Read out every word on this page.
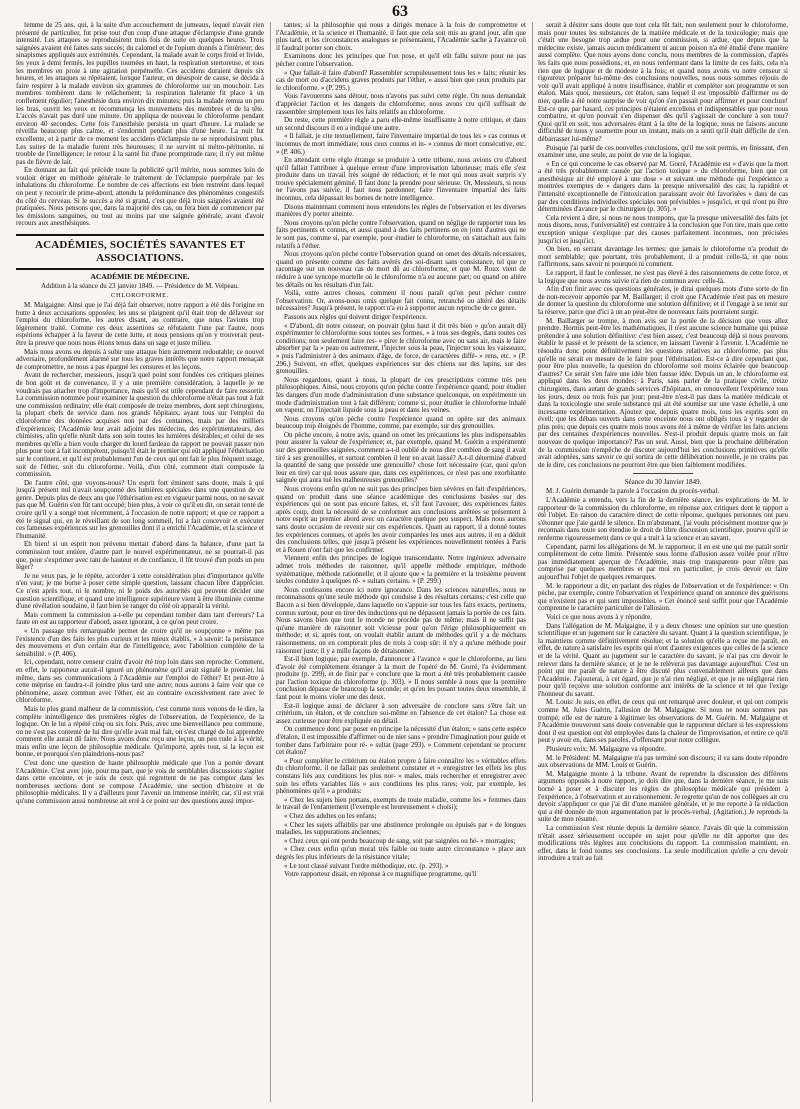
63

femme de 25 ans, qui, à la suite d'un accouchement de jumeaux, lequel n'avait rien présenté de particulier, fut prise tout d'un coup d'une attaque d'éclampsie d'une grande intensité. Les attaques se reproduisirent trois fois de suite en quelques heures. Trois saignées avaient été faites sans succès; du calomel et de l'opium donnés à l'intérieur; des sinapismes appliqués aux extrémités. Cependant, la malade avait le corps froid et livide, les yeux à demi fermés, les pupilles tournées en haut, la respiration stertoreuse, et tous les membres en proie à une agitation perpétuelle. Ces accidens duraient depuis six heures, et les attaques se répétaient, lorsque l'auteur, en désespoir de cause, se décida à faire respirer à la malade environ six grammes de chloroforme sur un mouchoir. Les membres tombèrent dans le relâchement; la respiration haletante fit place à un ronflement régulier; l'anesthésie dura environ dix minutes; puis la malade remua un peu les bras, ouvrit les yeux et recommença les mouvemens des membres et de la tête. L'accès n'avait pas duré une minute. On appliqua de nouveau le chloroforme pendant environ 40 secondes. Cette fois l'anesthésie persista un quart d'heure. La malade se réveilla beaucoup plus calme, et s'endormit pendant plus d'une heure. La nuit fut excellente, et à partir de ce moment les accidens d'éclampsie ne se reproduisirent plus. Les suites de la maladie furent très heureuses; il ne survint ni métro-péritonite, ni trouble de l'intelligence; le retour à la santé fut d'une promptitude rare; il n'y eut même pas de fièvre de lait.

En donnant au fait qui précède toute la publicité qu'il mérite, nous sommes loin de vouloir ériger en méthode générale le traitement de l'éclampsie puerpérale par les inhalations du chloroforme. Le nombre de ces affections est bien restreint dans lequel on peut y recourir de prime-abord, attendu la prédominance des phénomènes congestifs du côté du cerveau. Si le succès a été si grand, c'est que déjà trois saignées avaient été pratiquées. Nous pensons que, dans la majorité des cas, on fera bien de commencer par les émissions sanguines, ou tout au moins par une saignée générale, avant d'avoir recours aux anesthésiques.

ACADÉMIES, SOCIÉTÉS SAVANTES ET ASSOCIATIONS.
ACADÉMIE DE MÉDECINE.
Addition à la séance du 23 janvier 1849. — Présidence de M. Velpeau.
CHLOROFORME.

M. Malgaigne: Ainsi que je l'ai déjà fait observer, notre rapport a été dès l'origine en butte à deux accusations opposées; les uns se plaignent qu'il était trop de défaveur sur l'emploi du chloroforme, les autres disant, au contraire, que nous l'avions trop légèrement traité. Comme ces deux assertions se réfutaient l'une par l'autre, nous espérions échapper à la faveur de cette lutte, et nous pensions qu'on y trouverait peut-être la preuve que nous nous étions tenus dans un sage et juste milieu.

Mais nous avons eu depuis à subir une attaque bien autrement redoutable; ce nouvel adversaire, profondément alarmé sur tous les graves intérêts que notre rapport menaçait de compromettre, ne nous a pas épargné les censures et les leçons.

Avant de rechercher, messieurs, jusqu'à quel point sont fondées ces critiques pleines de bon goût et de convenance, il y a une première considération, à laquelle je ne voudrais pas attacher trop d'importance, mais qu'il est utile cependant de faire ressortir. La commission nommée pour examiner la question du chloroforme n'était pas tout à fait une commission ordinaire; elle était composée de treize membres, dont sept chirurgiens, la plupart chefs de service dans nos grands hôpitaux, ayant tous sur l'emploi du chloroforme des données acquises non par des centaines, mais par des milliers d'expériences; l'Académie leur avait adjoint des médecins, des expérimentateurs, des chimistes, afin qu'elle réunît dans son sein toutes les lumières désirables; et celui de ses membres qu'elle a bien voulu charger du lourd fardeau du rapport ne pouvait passer non plus pour tout à fait incompétent, puisqu'il était le premier qui eût appliqué l'éthérisation sur le continent, et qu'il est probablement l'un de ceux qui ont fait le plus fréquent usage, soit de l'éther, soit du chloroforme. Voilà, d'un côté, comment était composée la commission.

De l'autre côté, que voyons-nous? Un esprit fort éminent sans doute, mais à qui jusqu'à présent nul n'avait soupçonné des lumières spéciales dans une question de ce genre. Depuis plus de deux ans que l'éthérisation est en vigueur parmi nous, on ne savait pas que M. Guérin s'en fût tant occupé; bien plus, à voir ce qu'il en dit, on serait tenté de croire qu'il y a songé tout récemment, à l'occasion de notre rapport; et que ce rapport a été le signal qui, en le réveillant de son long sommeil, lui a fait concevoir et exécuter ces fameuses expériences sur les grenouilles dont il a enrichi l'Académie, et la science et l'humanité.

Eh bien! si un esprit non prévenu mettait d'abord dans la balance, d'une part la commission tout entière, d'autre part le nouvel expérimentateur, ne se pourrait-il pas que, pour s'exprimer avec tant de hauteur et de confiance, il fût trouvé d'un poids un peu léger?

Je ne veux pas, je le répète, accorder à cette considération plus d'importance qu'elle n'en vaut; je me borne à poser cette simple question, laissant chacun libre d'apprécier. Ce n'est après tout, ni le nombre, ni le poids des autorités qui peuvent décider une question scientifique, et quand une intelligence supérieure vient à être illuminée comme d'une révélation soudaine, il faut bien se ranger du côté où apparaît la vérité.

Mais comment la commission a-t-elle pu cependant tomber dans tant d'erreurs? La faute en est au rapporteur d'abord, assez ignorant, à ce qu'on peut croire.

« Un passage très remarquable permet de croire qu'il ne soupçonne » même pas l'existence d'un des faits les plus curieux et les mieux établis, » à savoir: la persistance des mouvemens et d'un certain état de l'intelligence, avec l'abolition complète de la sensibilité. » (P. 406).

Ici, cependant, notre censeur craint d'avoir été trop loin dans son reproche: Comment, en effet, le rapporteur aurait-il ignoré un phénomène qu'il avait signalé le premier, lui même, dans ses communications à l'Académie sur l'emploi de l'éther? Et peut-être à cette méprise en faudra-t-il joindre plus tard une autre; nous aurons à faire voir que ce phénomène, assez commun avec l'éther, est au contraire excessivement rare avec le chloroforme.

Mais le plus grand malheur de la commission, c'est comme nous venons de le dire, la complète inintelligence des premières règles de l'observation, de l'expérience, de la logique. On le lui a répété cinq ou six fois. Puis, avec une bienveillance peu commune, on ne s'est pas contenté de lui dire qu'elle avait mal fait, on s'est chargé de lui apprendre comment elle aurait dû faire. Nous avons donc reçu une leçon, un peu rude à la vérité, mais enfin une leçon de philosophie médicale. Qu'importe, après tout, si la leçon est bonne, et pourquoi s'en plaindrions-nous pas?

C'est donc une question de haute philosophie médicale que l'on a portée devant l'Académie. C'est avec joie, pour ma part, que je vois de semblables discussions s'agiter dans cette enceinte, et je suis de ceux qui regrettent de ne pas compter dans les nombreuses sections dont se compose l'Académie, une section d'histoire et de philosophie médicales. Il y a d'ailleurs pour l'avenir un immense intérêt; car, s'il est vrai qu'une commission aussi nombreuse ait erré à ce point sur des questions aussi impor-

tantes; si la philosophie qui nous a dirigés menace à la fois de compromettre et l'Académie, et la science et l'humanité, il faut que cela soit mis au grand jour, afin que plus tard, et les circonstances analogues se présentaient, l'Académie sache à l'avance où il faudrait porter son choix.

Examinons donc les principes que l'on pose, et qu'il eût fallu suivre pour ne pas pécher contre l'observation.

« Que fallait-il faire d'abord? Rassembler scrupuleusement tous les » faits; réunir les cas de mort ou d'accidens graves produits par l'éther, » aussi bien que ceux produits par le chloroforme. » (P. 295.)

Vous l'avouerons sans détour, nous n'avons pas suivi cette règle. On nous demandait d'apprécier l'action et les dangers du chloroforme; nous avons cru qu'il suffisait de rassembler simplement tous les faits relatifs au chloroforme.

Du reste, cette première règle a paru elle-même insuffisante à notre critique, et dans un second discours il en a indiqué une autre.

« Il fallait, je cite textuellement, faire l'inventaire impartial de tous les » cas connus et inconnus de mort immédiate; tous ceux connus et in- » connus de mort consécutive, etc. » (P. 406.)

En attendant cette règle étrange se produire à cette tribune, nous avions cru d'abord qu'il fallait l'attribuer à quelque erreur d'une improvisation laborieuse; mais elle s'est produite dans un travail très soigné de rédaction; et le mot qui nous avait surpris s'y trouve spécialement géminé. Il faut donc la prendre pour sérieuse. Or, Messieurs, si nous ne l'avons pas suivie, il faut nous pardonner; faire l'inventaire impartial des faits inconnus, cela dépassait les bornes de notre intelligence.

Disons maintenant comment nous entendons les règles de l'observation et les diverses manières d'y porter atteinte.

Nous croyons qu'on pèche contre l'observation, quand on néglige de rapporter tous les faits pertinents et connus, et aussi quand à des faits pertinens on en joint d'autres qui ne le sont pas, comme si, par exemple, pour étudier le chloroforme, on s'attachait aux faits relatifs à l'éther.

Nous croyons qu'on pèche contre l'observation quand on omet des détails nécessaires, quand on présente comme des faits avérés des soi-disant sans consistance, tel que ce racontage sur un nouveau cas de mort dû au chloroforme, et que M. Roux vient de réduire à une syncope mortelle où le chloroforme n'a eu aucune part; ou quand on altère les détails ou les résultats d'un fait.

Voilà, entre autres choses, comment il nous paraît qu'on peut pécher contre l'observation. Or, avons-nous omis quelque fait connu, retranché ou altéré des détails nécessaires? Jusqu'à présent, le rapport n'a eu à supporter aucun reproche de ce genre.

Passons aux règles qui doivent diriger l'expérience.

« D'abord, dit notre censeur, on pouvait (plus haut il dit très bien » qu'on aurait dû) expérimenter le chloroforme sous toutes ses formes, » à tous ses degrés, dans toutes ces conditions; non seulement faire res- » pirer le chloroforme avec ou sans air, mais le faire absorber par la » peau ou autrement, l'injecter sous la peau, l'injecter sous les vaisseaux, » puis l'administrer à des animaux d'âge, de force, de caractères diffé- » rens, etc. » (P. 296.) Suivent, en effet, quelques expériences sur des chiens sur des lapins, sur des grenouilles.

Nous regardons, quant à nous, la plupart de ces prescriptions comme très peu philosophiques. Ainsi, nous croyons qu'on pèche contre l'expérience quand, pour étudier les dangers d'un mode d'administration d'une substance quelconque, on expérimente un mode d'administration tout à fait différent; comme si, pour étudier le chloroforme inhalé en vapeur, on l'injectait liquide sous la peau et dans les veines.

Nous croyons qu'on pèche contre l'expérience quand on opère sur des animaux beaucoup trop éloignés de l'homme, comme, par exemple, sur des grenouilles.

On pèche encore, à notre avis, quand on omet les précautions les plus indispensables pour assurer la valeur de l'expérience; et, par exemple, quand M. Guérin a expérimenté sur des grenouilles saignées, comment a-t-il oublié de nous dire combien de sang il avait tiré à ses grenouilles, et surtout combien il leur en avait laissé? A-t-il déterminé d'abord la quantité de sang que possède une grenouille? chose fort nécessaire (car, quoi qu'on leur en tire) car qui nous assure que, dans ces expériences, ce n'est pas une exorbitante saignée qui aura tué les malheureuses grenouilles?

Nous croyons enfin qu'on ne suit pas des principes bien sévères en fait d'expériences, quand on produit dans une séance académique des conclusions basées sur des expériences qui ne sont pas encore faites, et, s'il faut l'avouer, des expériences faites après coup, dont la nécessité de se conformer aux conclusions arrêtées se présentent à notre esprit au premier abord avec un caractère quelque peu suspect. Mais nous aurons sans doute occasion de revenir sur ces expériences. Quant au rapport, il a donné toutes les expériences connues, et après les avoir comparées les unes aux autres, il en a déduit des conclusions telles, que jusqu'à présent les expériences nouvellement tentées à Paris et à Rouen n'ont fait que les confirmer.

Viennent enfin des principes de logique transcendante. Notre ingénieux adversaire admet trois méthodes de raisonner, qu'il appelle méthode empirique, méthode systématique, méthode rationnelle; et il ajoute que « la première et la troisième peuvent seules conduire à quelques ré- » sultats certains. » (P. 299.)

Nous confessons encore ici notre ignorance. Dans les sciences naturelles, nous ne reconnaissons qu'une seule méthode qui conduise à des résultats certains; c'est celle que Bacon a si bien développée, dans laquelle on s'appuie sur tous les faits exacts, pertinens, connus surtout, pour en tirer des inductions qui ne dépassent jamais la portée de ces faits. Nous savons bien que tout le monde ne procède pas de même; mais il ne suffit pas qu'une manière de raisonner soit vicieuse pour qu'on l'érige philosophiquement en méthode; et si, après tout, on voulait établir autant de méthodes qu'il y a de méchans raisonnemens, on en compterait plus de trois à coup sûr: il n'y a qu'une méthode pour raisonner juste; il y a mille façons de déraisonner.

Est-il bien logique, par exemple, d'annoncer à l'avance « que le chloroforme, au lieu d'avoir été complètement étranger à la mort de l'opéré de M. Gorré, l'a évidemment produite (p. 299), et de finir par » conclure que la mort a été très probablement causée par l'action toxique du chloroforme (p. 303). » Il nous semble à nous que la première conclusion dépasse de beaucoup la seconde; et qu'en les posant toutes deux ensemble, il faut pour le moins violer une des deux.

Est-il logique aussi de déclarer à son adversaire de conclure sans s'être fait un critérium, un étalon, et de conclure soi-même en l'absence de cet étalon? La chose est assez curieuse pour être expliquée en détail.

On commence donc par poser en principe la nécessité d'un étalon; » sans cette espèce d'étalon, il est impossible d'affirmer ou de nier sans » prendre l'imagination pour guide et tomber dans l'arbitraire pour ré- » sultat (page 293). » Comment cependant se procurer cet étalon?

« Pour compléter le critérium ou étalon propre à faire connaître les » véritables effets du chloroforme, il ne fallait pas seulement constater et » enregistrer les effets les plus constans liés aux conditions les plus nor- » males, mais rechercher et enregistrer avec soin les effets variables liés » aux conditions les plus rares; voir, par exemple, les phénomènes qu'il » a produits:

« Chez les sujets bien portans, exempts de toute maladie, comme les » femmes dans le travail de l'enfantement (l'exemple est heureusement » choisi);

« Chez des adultes ou les enfans;

« Chez les sujets affaiblis par une abstinence prolongée ou épuisés par » de longues maladies, les suppurations anciennes;

« Chez ceux qui ont perdu beaucoup de sang, soit par saignées ou hé- » morragies;

« Chez ceux enfin qu'un moral très faible ou toute autre circonstance » place aux degrés les plus inférieurs de la résistance vitale;

« Le tout classé suivant l'ordre méthodique, etc. (p. 293). »

Votre rapporteur disait, en réponse à ce magnifique programme, qu'il

serait à désirer sans doute que tout cela fût fait, non seulement pour le chloroforme, mais pour toutes les substances de la matière médicale et de la toxicologie; mais que c'était une besogne trop ardue pour une commission, si ardue, que depuis que la médecine existe, jamais aucun médicament ni aucun poison n'a été étudié d'une manière aussi complète. Que nous ayons donc conclu, nous membres de la commission, d'après les faits que nous possédions, et, en nous renfermant dans la limite de ces faits, cela n'a rien que de logique et de modeste à la fois; et quand nous avons vu notre censeur si rigoureux préparer lui-même des conclusions nouvelles, nous nous sommes réjouis de voir qu'il avait appliqué à notre insuffisance, établir et compléter son programme et son étalon. Mais quoi, messieurs, cet étalon, sans lequel il est impossible d'affirmer ou de nier, quelle a été notre surprise de voir qu'on s'en passait pour affirmer et pour conclure! Est-ce que, par hasard, ces principes n'étaient excellens et indispensables que pour nous combattre, et qu'on pouvait s'en dispenser dès qu'il s'agissait de conclure à son tour? Quoi qu'il en soit, nos adversaires étant à la tête de la logique, nous ne faisons aucune difficulté de nous y soumettre pour un instant, mais on a senti qu'il était difficile de s'en débarrasser lui-même?

Puisque j'ai parlé de ces nouvelles conclusions, qu'il me soit permis, en finissant, d'en examiner une, une seule, au point de vue de la logique.

« En ce qui concerne le cas observé par M. Gorré, l'Académie est » d'avis que la mort a été très probablement causée par l'action toxique » du chloroforme, bien que cet anesthésique ait été employé à une dose » et suivant une méthode qui l'expérience a montrées exemptes de » dangers dans la presque universalité des cas; la rapidité et l'intensité exceptionnelle de l'intoxication paraissant avoir été favorisées » dans de cas par des conditions individuelles spéciales non prévisibles » jusqu'ici, et qui n'ont pu être déterminées d'avance par le chirurgien (p. 305). »

Cela revient à dire, si nous ne nous trompons, que la presque universalité des faits (et nous disons, nous, l'universalité) est contraire à la conclusion que l'on tire, mais que cette exception unique s'explique par des causes parfaitement inconnues, non précisées jusqu'ici et jusqu'ici.

On bien, en serrant davantage les termes: que jamais le chloroforme n'a produit de mort semblable; que pourtant, très probablement, il a produit celle-là, et que nous l'affirmons, sans savoir ni pourquoi ni comment.

Le rapport, il faut le confesser, ne s'est pas élevé à des raisonnemens de cette force, et la logique que nous avons suivie n'a rien de commun avec celle-là.

Afin d'en finir avec ces questions générales, je dirai quelques mots d'une sorte de fin de non-recevoir apportée par M. Baillarger; il croit que l'Académie n'est pas en mesure de donner la question du chloroforme une solution définitive; et il l'engage à se tenir sur la réserve, parce que d'ici à un an peut-être de nouveaux faits pourraient surgir.

M. Baillarger se trompe, à mon avis sur la portée de la décision que vous allez prendre. Hormis peut-être les mathématiques, il n'est aucune science humaine qui puisse prétendre à une solution définitive: c'est bien assez, c'est beaucoup déjà si nous pouvons établir le passé et le présent de la science, en laissant l'avenir à l'avenir. L'Académie ne résoudra donc point définitivement les questions relatives au chloroforme, pas plus qu'elle ne serait en mesure de le faire pour l'éthérisation. Est-ce à dire cependant que, pour être plus nouvelle, la question du chloroforme soit moins éclairée que beaucoup d'autres? Ce serait s'en faire une idée bien fausse idée. Depuis un an, le chloroforme est appliqué dans les deux mondes; à Paris, sans parler de la pratique civile, treize chirurgiens, dans autant de grands services d'hôpitaux, en renouvellent l'expérience tous les jours, deux ou trois fois par jour; peut-être n'est-il pas dans la matière médicale et dans la toxicologie une seule substance qui ait été soumise sur une vaste échelle, à une incessante expérimentation. Ajoutez que, depuis quatre mois, tous les esprits sont en éveil; que les débats ouverts dans cette enceinte nous ont obligés tous à y regarder de plus près; que depuis ces quatre mois nous avons été à même de vérifier les faits anciens par des centaines d'expériences nouvelles. S'est-il produit depuis quatre mois un fait nouveau de quelque importance? Pas un seul. Aussi, bien que la prochaine délibération de la commission n'empêche de discuter aujourd'hui les conclusions primitives qu'elle avait adoptées, sans savoir ce qui sortira de cette délibération nouvelle, je ne crains pas de le dire, ces conclusions ne pourront être que bien faiblement modifiées.

Séance du 30 Janvier 1849.

M. J. Guérin demande la parole à l'occasion du procès-verbal.

L'Académie a entendu, vers la fin de la dernière séance, les explications de M. le rapporteur de la commission du chloroforme, en réponse aux critiques dont le rapport a été l'objet. En raison du caractère direct de cette réponse, quelques personnes ont paru s'étonner que j'aie gardé le silence. En m'abstenant, j'ai voulu précisément montrer que je reconnais dans toute son étendue le droit de libre discussion scientifique, pourvu qu'il se renferme rigoureusement dans ce qui a trait à la science et au savant.

Cependant, parmi les allégations de M. le rapporteur, il en est une qui me paraît sortir complètement de cette limite. Présentée sous forme d'allusion assez voilée pour n'être pas immédiatement aperçue de l'Académie, mais trop transparente pour n'être pas comprise par quelques membres et par moi en particulier, je crois devoir en faire aujourd'hui l'objet de quelques remarques.

M. le rapporteur a dit, en parlant des règles de l'observation et de l'expérience: « On pèche, par exemple, contre l'observation et l'expérience quand on annonce des guérisons qui n'existent pas et qui sont impossibles. » Cet énoncé seul suffit pour que l'Académie comprenne le caractère particulier de l'allusion.

Voici ce que nous avons à y répondre.

Dans l'allégation de M. Malgaigne, il y a deux choses: une opinion sur une question scientifique et un jugement sur le caractère du savant. Quant à la question scientifique, je la maintiens comme définitivement résolue; et la solution qu'elle a reçue me paraît, en effet, de nature à satisfaire les esprits qui n'ont d'autres exigences que celles de la science et de la vérité. Quant au jugement sur le caractère du savant, je n'ai pas cru devoir le relever dans la dernière séance, et je ne le relèverai pas davantage aujourd'hui. C'est un point qui me paraît de nature à être discuté plus convenablement ailleurs que dans l'Académie. J'ajouterai, à cet égard, que je n'ai rien négligé, et que je ne négligerai rien pour qu'il reçoive une solution conforme aux intérêts de la science et tel que l'exige l'honneur du savant.

M. Louis: Je suis, en effet, de ceux qui ont remarqué avec douleur, et qui ont compris comme M. Jules Guérin, l'allusion de M. Malgaigne. Si nous ne nous sommes pas trompé, elle est de nature à légitimer les observations de M. Guérin. M. Malgaigne et l'Académie trouveront sans doute convenable que le rapporteur déclare si les expressions dont il est question ont été employées dans la chaleur de l'improvisation, et retire ce qu'il peut y avoir en, dans ses paroles, d'offensant pour notre collègue.

Plusieurs voix: M. Malgaigne va répondre.

M. le Président: M. Malgaigne n'a pas terminé son discours; il va sans doute répondre aux observations de MM. Louis et Guérin.

M. Malgaigne monte à la tribune. Avant de reprendre la discussion des différens argumens opposés à notre rapport, je dois dire que, dans la dernière séance, je me suis borné à poser et à discuter les règles de philosophie médicale qui président à l'expérience, à l'observation et au raisonnement. Je regrette qu'un de nos collègues ait cru devoir s'appliquer ce que j'ai dit d'une manière générale, et je me reporte à la rédaction qui a été donnée de mon argumentation par le procès-verbal. (Agitation.) Je reprends la suite de mon résumé.

La commission s'est réunie depuis la dernière séance. J'avais dit que la commission n'était assez sérieusement occupée en sujet pour qu'elle ne dût apporter que des modifications très légères aux conclusions du rapport. La commission maintient, en effet, dans le fond toutes ses conclusions. La seule modification qu'elle a cru devoir introduire a trait au fait
